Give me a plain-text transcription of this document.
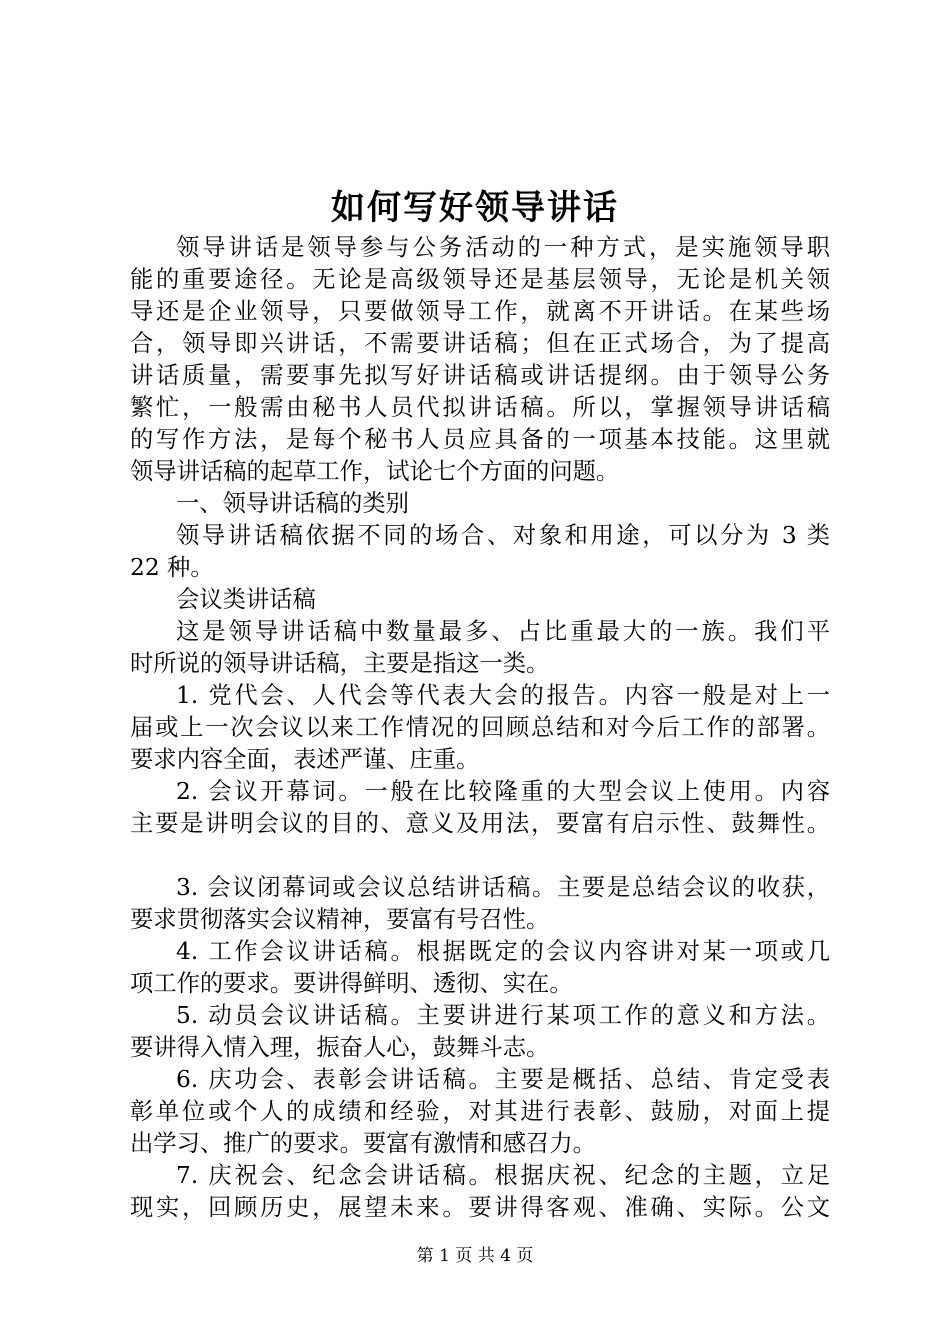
如何写好领导讲话
领导讲话是领导参与公务活动的一种方式，是实施领导职
能的重要途径。无论是高级领导还是基层领导，无论是机关领
导还是企业领导，只要做领导工作，就离不开讲话。在某些场
合，领导即兴讲话，不需要讲话稿；但在正式场合，为了提高
讲话质量，需要事先拟写好讲话稿或讲话提纲。由于领导公务
繁忙，一般需由秘书人员代拟讲话稿。所以，掌握领导讲话稿
的写作方法，是每个秘书人员应具备的一项基本技能。这里就
领导讲话稿的起草工作，试论七个方面的问题。
一、领导讲话稿的类别
领导讲话稿依据不同的场合、对象和用途，可以分为 3 类
22 种。
会议类讲话稿
这是领导讲话稿中数量最多、占比重最大的一族。我们平
时所说的领导讲话稿，主要是指这一类。
1. 党代会、人代会等代表大会的报告。内容一般是对上一
届或上一次会议以来工作情况的回顾总结和对今后工作的部署。
要求内容全面，表述严谨、庄重。
2. 会议开幕词。一般在比较隆重的大型会议上使用。内容
主要是讲明会议的目的、意义及用法，要富有启示性、鼓舞性。
3. 会议闭幕词或会议总结讲话稿。主要是总结会议的收获，
要求贯彻落实会议精神，要富有号召性。
4. 工作会议讲话稿。根据既定的会议内容讲对某一项或几
项工作的要求。要讲得鲜明、透彻、实在。
5. 动员会议讲话稿。主要讲进行某项工作的意义和方法。
要讲得入情入理，振奋人心，鼓舞斗志。
6. 庆功会、表彰会讲话稿。主要是概括、总结、肯定受表
彰单位或个人的成绩和经验，对其进行表彰、鼓励，对面上提
出学习、推广的要求。要富有激情和感召力。
7. 庆祝会、纪念会讲话稿。根据庆祝、纪念的主题，立足
现实，回顾历史，展望未来。要讲得客观、准确、实际。公文
第 1 页 共 4 页
